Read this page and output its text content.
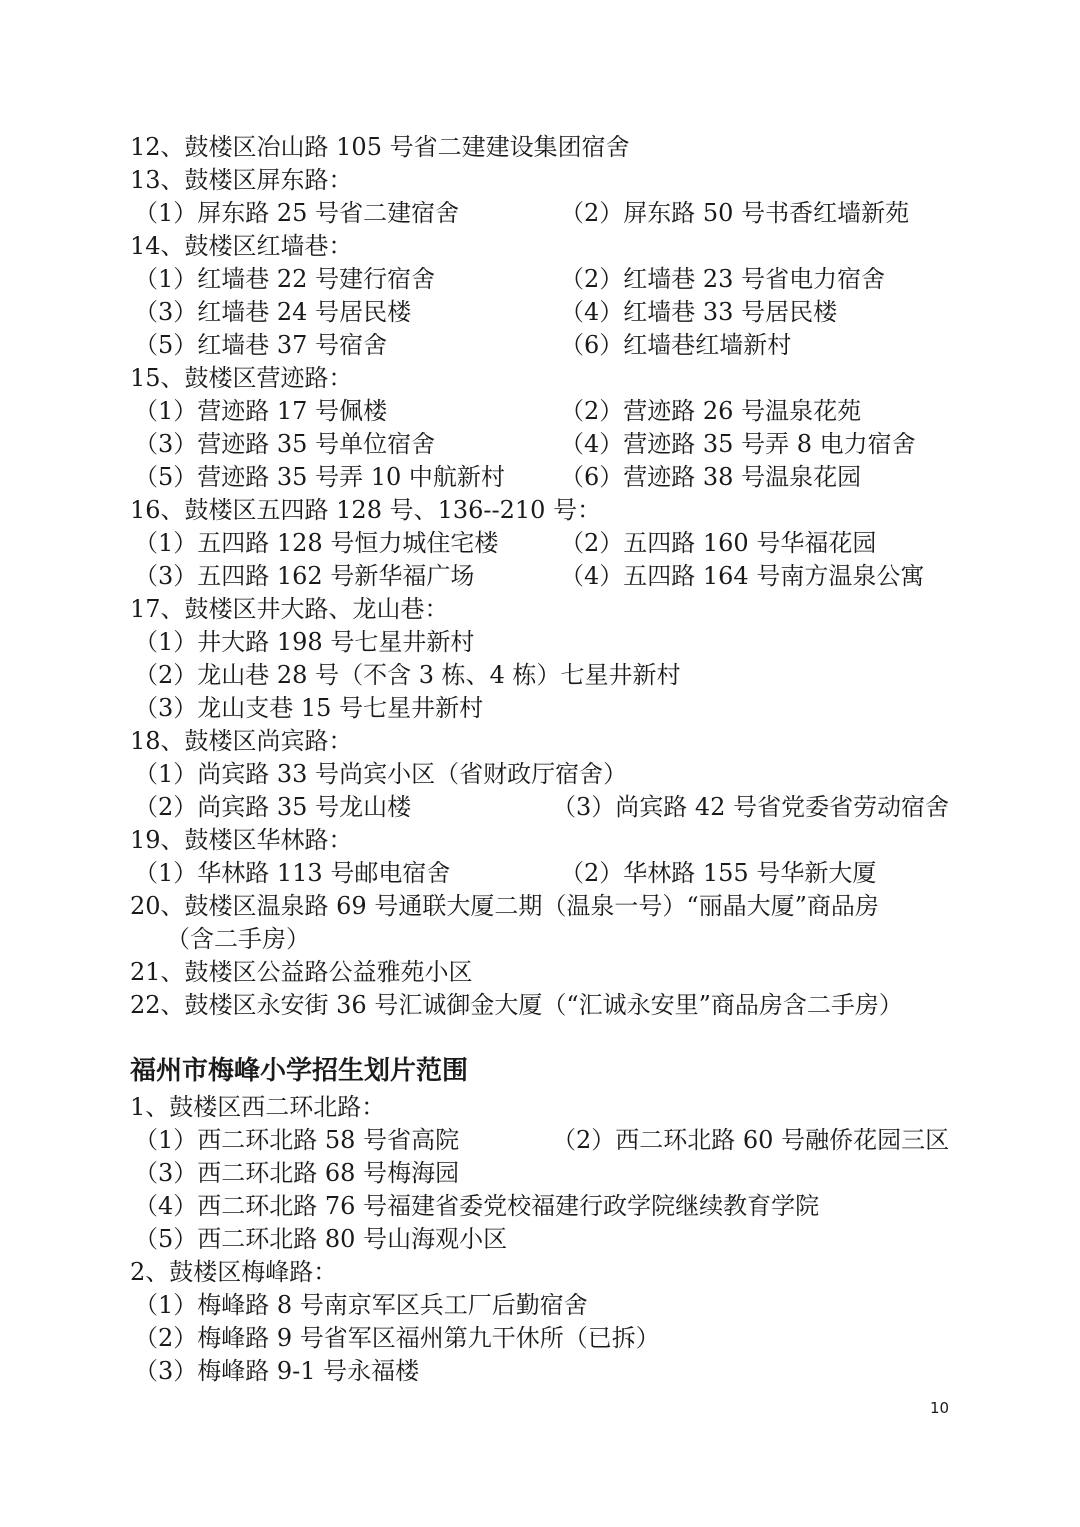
12、鼓楼区冶山路 105 号省二建建设集团宿舍
13、鼓楼区屏东路：
（1）屏东路 25 号省二建宿舍	（2）屏东路 50 号书香红墙新苑
14、鼓楼区红墙巷：
（1）红墙巷 22 号建行宿舍	（2）红墙巷 23 号省电力宿舍
（3）红墙巷 24 号居民楼	（4）红墙巷 33 号居民楼
（5）红墙巷 37 号宿舍	（6）红墙巷红墙新村
15、鼓楼区营迹路：
（1）营迹路 17 号佩楼	（2）营迹路 26 号温泉花苑
（3）营迹路 35 号单位宿舍	（4）营迹路 35 号弄 8 电力宿舍
（5）营迹路 35 号弄 10 中航新村 （6）营迹路 38 号温泉花园
16、鼓楼区五四路 128 号、136--210 号：
（1）五四路 128 号恒力城住宅楼	（2）五四路 160 号华福花园
（3）五四路 162 号新华福广场	（4）五四路 164 号南方温泉公寓
17、鼓楼区井大路、龙山巷：
（1）井大路 198 号七星井新村
（2）龙山巷 28 号（不含 3 栋、4 栋）七星井新村
（3）龙山支巷 15 号七星井新村
18、鼓楼区尚宾路：
（1）尚宾路 33 号尚宾小区（省财政厅宿舍）
（2）尚宾路 35 号龙山楼	（3）尚宾路 42 号省党委省劳动宿舍
19、鼓楼区华林路：
（1）华林路 113 号邮电宿舍	（2）华林路 155 号华新大厦
20、鼓楼区温泉路 69 号通联大厦二期（温泉一号）“丽晶大厦”商品房
（含二手房）
21、鼓楼区公益路公益雅苑小区
22、鼓楼区永安街 36 号汇诚御金大厦（“汇诚永安里”商品房含二手房）
福州市梅峰小学招生划片范围
1、鼓楼区西二环北路：
（1）西二环北路 58 号省高院	（2）西二环北路 60 号融侨花园三区
（3）西二环北路 68 号梅海园
（4）西二环北路 76 号福建省委党校福建行政学院继续教育学院
（5）西二环北路 80 号山海观小区
2、鼓楼区梅峰路：
（1）梅峰路 8 号南京军区兵工厂后勤宿舍
（2）梅峰路 9 号省军区福州第九干休所（已拆）
（3）梅峰路 9-1 号永福楼
10
